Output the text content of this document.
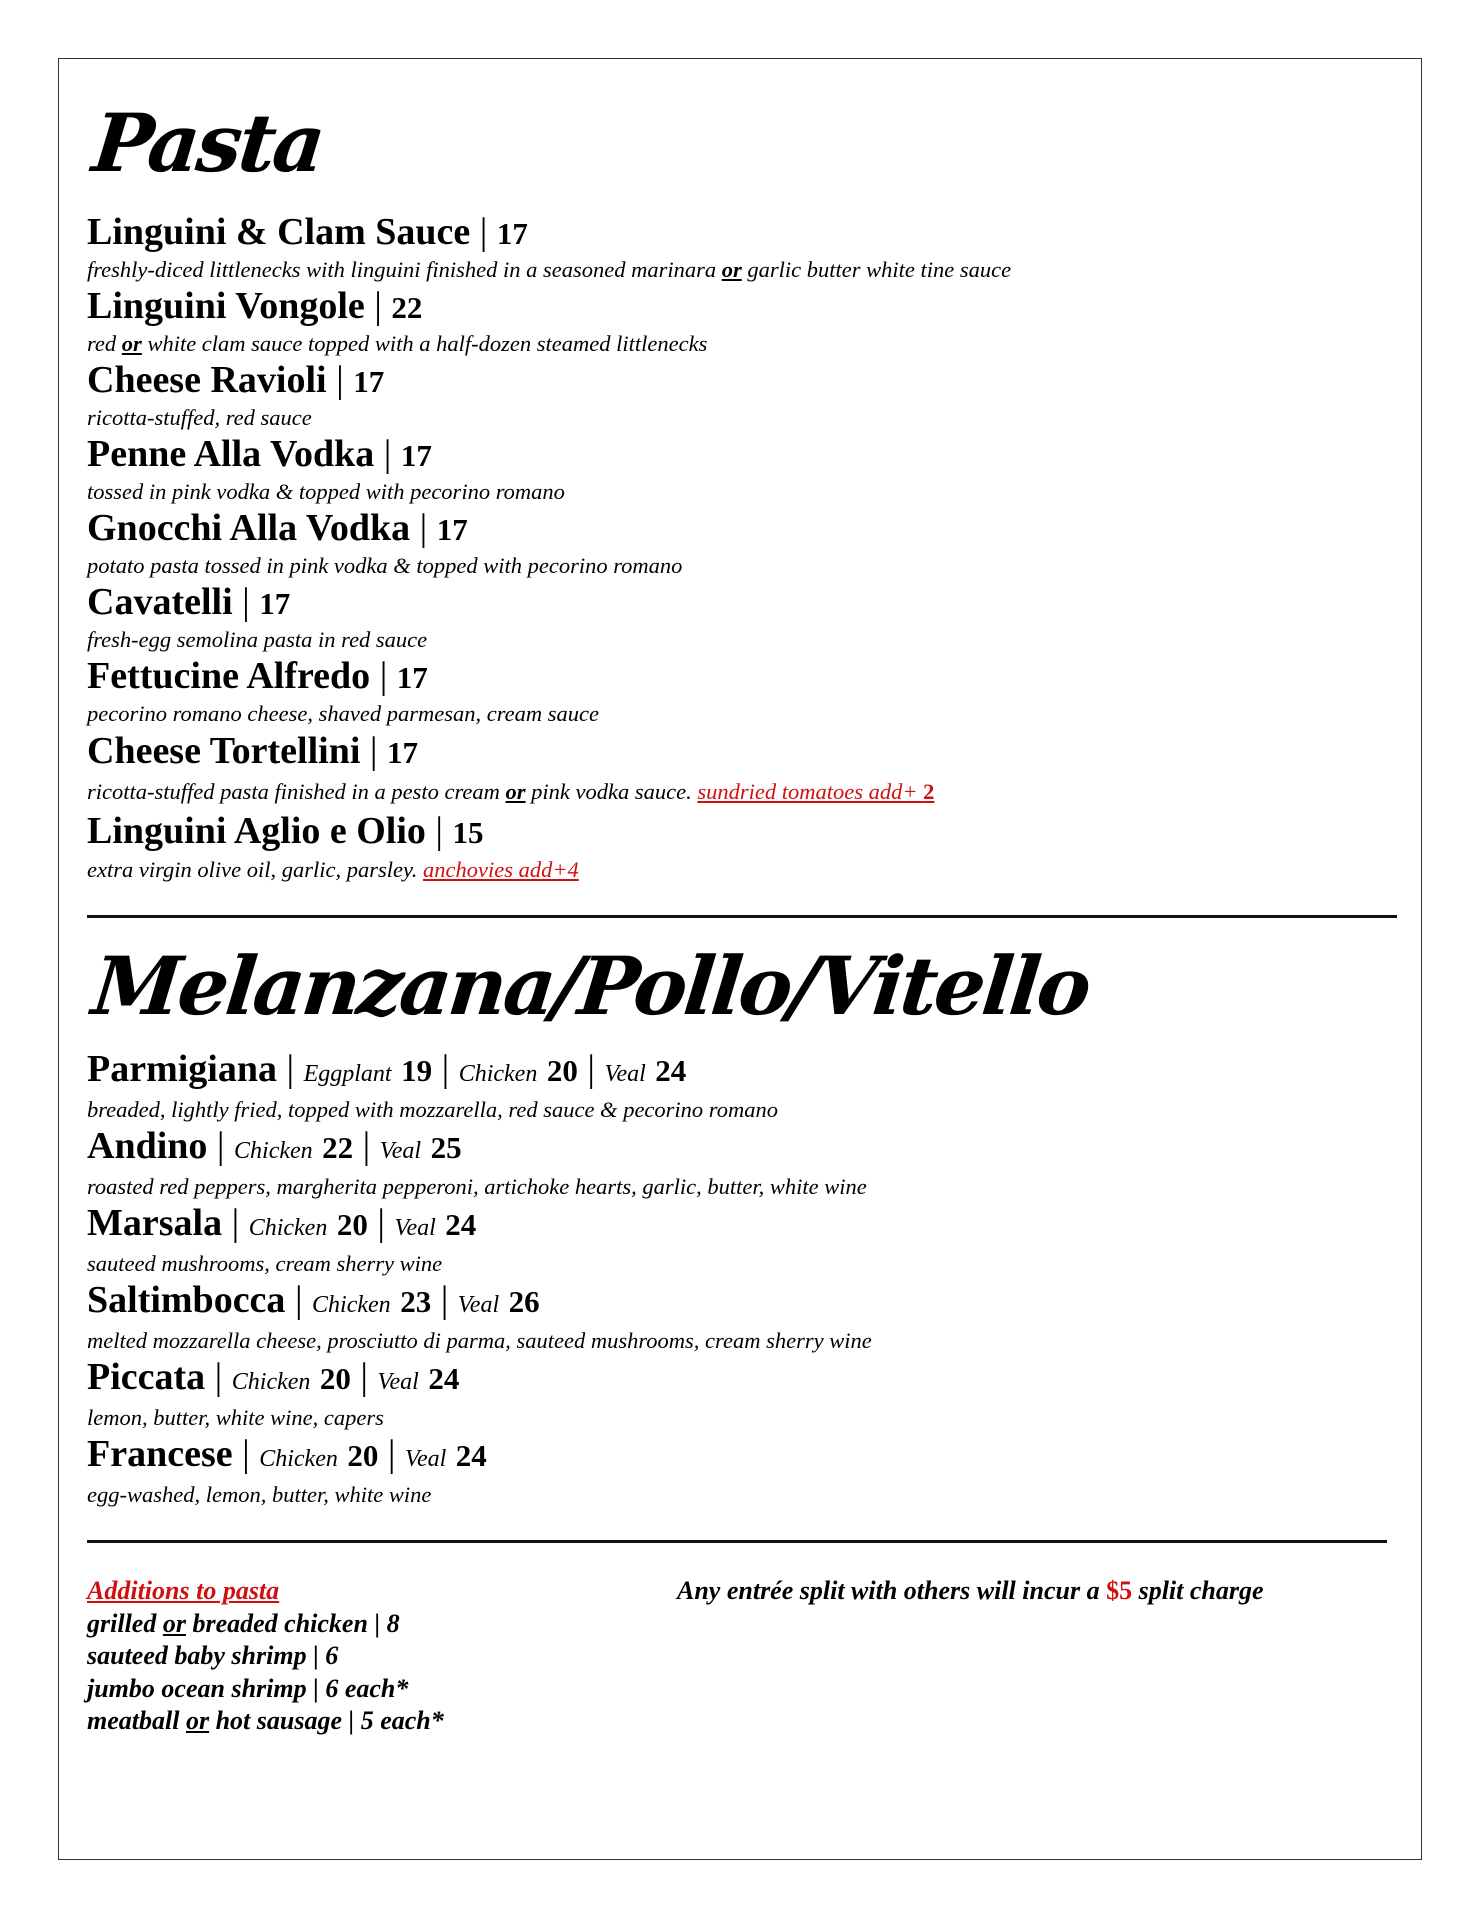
Pasta
Linguini & Clam Sauce | 17
freshly-diced littlenecks with linguini finished in a seasoned marinara or garlic butter white tine sauce
Linguini Vongole | 22
red or white clam sauce topped with a half-dozen steamed littlenecks
Cheese Ravioli | 17
ricotta-stuffed, red sauce
Penne Alla Vodka | 17
tossed in pink vodka & topped with pecorino romano
Gnocchi Alla Vodka | 17
potato pasta tossed in pink vodka & topped with pecorino romano
Cavatelli | 17
fresh-egg semolina pasta in red sauce
Fettucine Alfredo | 17
pecorino romano cheese, shaved parmesan, cream sauce
Cheese Tortellini | 17
ricotta-stuffed pasta finished in a pesto cream or pink vodka sauce. sundried tomatoes add+ 2
Linguini Aglio e Olio | 15
extra virgin olive oil, garlic, parsley. anchovies add+4
Melanzana/Pollo/Vitello
Parmigiana | Eggplant 19 | Chicken 20 | Veal 24
breaded, lightly fried, topped with mozzarella, red sauce & pecorino romano
Andino | Chicken 22 | Veal 25
roasted red peppers, margherita pepperoni, artichoke hearts, garlic, butter, white wine
Marsala | Chicken 20 | Veal 24
sauteed mushrooms, cream sherry wine
Saltimbocca | Chicken 23 | Veal 26
melted mozzarella cheese, prosciutto di parma, sauteed mushrooms, cream sherry wine
Piccata | Chicken 20 | Veal 24
lemon, butter, white wine, capers
Francese | Chicken 20 | Veal 24
egg-washed, lemon, butter, white wine
Additions to pasta
grilled or breaded chicken | 8
sauteed baby shrimp | 6
jumbo ocean shrimp | 6 each*
meatball or hot sausage | 5 each*
Any entrée split with others will incur a $5 split charge
